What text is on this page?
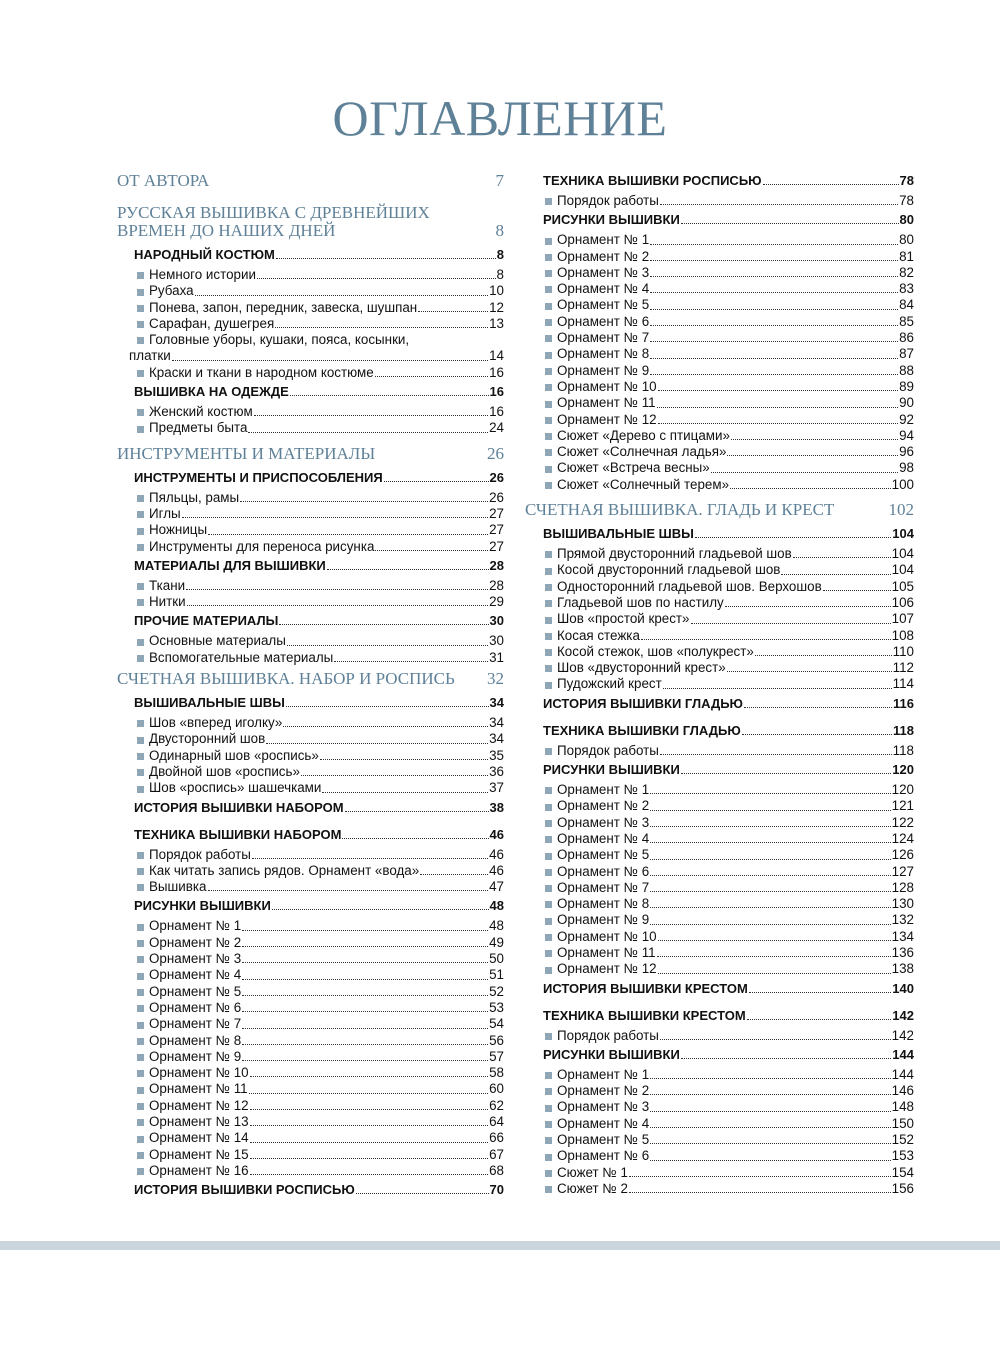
ОГЛАВЛЕНИЕ
ОТ АВТОРА	7
РУССКАЯ ВЫШИВКА С ДРЕВНЕЙШИХ
ВРЕМЕН ДО НАШИХ ДНЕЙ	8
НАРОДНЫЙ КОСТЮМ	8
Немного истории	8
Рубаха	10
Понева, запон, передник, завеска, шушпан	12
Сарафан, душегрея	13
Головные уборы, кушаки, пояса, косынки,
платки	14
Краски и ткани в народном костюме	16
ВЫШИВКА НА ОДЕЖДЕ	16
Женский костюм	16
Предметы быта	24
ИНСТРУМЕНТЫ И МАТЕРИАЛЫ	26
ИНСТРУМЕНТЫ И ПРИСПОСОБЛЕНИЯ	26
Пяльцы, рамы	26
Иглы	27
Ножницы	27
Инструменты для переноса рисунка	27
МАТЕРИАЛЫ ДЛЯ ВЫШИВКИ	28
Ткани	28
Нитки	29
ПРОЧИЕ МАТЕРИАЛЫ	30
Основные материалы	30
Вспомогательные материалы	31
СЧЕТНАЯ ВЫШИВКА. НАБОР И РОСПИСЬ	32
ВЫШИВАЛЬНЫЕ ШВЫ	34
Шов «вперед иголку»	34
Двусторонний шов	34
Одинарный шов «роспись»	35
Двойной шов «роспись»	36
Шов «роспись» шашечками	37
ИСТОРИЯ ВЫШИВКИ НАБОРОМ	38
ТЕХНИКА ВЫШИВКИ НАБОРОМ	46
Порядок работы	46
Как читать запись рядов. Орнамент «вода»	46
Вышивка	47
РИСУНКИ ВЫШИВКИ	48
Орнамент № 1	48
Орнамент № 2	49
Орнамент № 3	50
Орнамент № 4	51
Орнамент № 5	52
Орнамент № 6	53
Орнамент № 7	54
Орнамент № 8	56
Орнамент № 9	57
Орнамент № 10	58
Орнамент № 11	60
Орнамент № 12	62
Орнамент № 13	64
Орнамент № 14	66
Орнамент № 15	67
Орнамент № 16	68
ИСТОРИЯ ВЫШИВКИ РОСПИСЬЮ	70
ТЕХНИКА ВЫШИВКИ РОСПИСЬЮ	78
Порядок работы	78
РИСУНКИ ВЫШИВКИ	80
Орнамент № 1	80
Орнамент № 2	81
Орнамент № 3	82
Орнамент № 4	83
Орнамент № 5	84
Орнамент № 6	85
Орнамент № 7	86
Орнамент № 8	87
Орнамент № 9	88
Орнамент № 10	89
Орнамент № 11	90
Орнамент № 12	92
Сюжет «Дерево с птицами»	94
Сюжет «Солнечная ладья»	96
Сюжет «Встреча весны»	98
Сюжет «Солнечный терем»	100
СЧЕТНАЯ ВЫШИВКА. ГЛАДЬ И КРЕСТ	102
ВЫШИВАЛЬНЫЕ ШВЫ	104
Прямой двусторонний гладьевой шов	104
Косой двусторонний гладьевой шов	104
Односторонний гладьевой шов. Верхошов	105
Гладьевой шов по настилу	106
Шов «простой крест»	107
Косая стежка	108
Косой стежок, шов «полукрест»	110
Шов «двусторонний крест»	112
Пудожский крест	114
ИСТОРИЯ ВЫШИВКИ ГЛАДЬЮ	116
ТЕХНИКА ВЫШИВКИ ГЛАДЬЮ	118
Порядок работы	118
РИСУНКИ ВЫШИВКИ	120
Орнамент № 1	120
Орнамент № 2	121
Орнамент № 3	122
Орнамент № 4	124
Орнамент № 5	126
Орнамент № 6	127
Орнамент № 7	128
Орнамент № 8	130
Орнамент № 9	132
Орнамент № 10	134
Орнамент № 11	136
Орнамент № 12	138
ИСТОРИЯ ВЫШИВКИ КРЕСТОМ	140
ТЕХНИКА ВЫШИВКИ КРЕСТОМ	142
Порядок работы	142
РИСУНКИ ВЫШИВКИ	144
Орнамент № 1	144
Орнамент № 2	146
Орнамент № 3	148
Орнамент № 4	150
Орнамент № 5	152
Орнамент № 6	153
Сюжет № 1	154
Сюжет № 2	156
